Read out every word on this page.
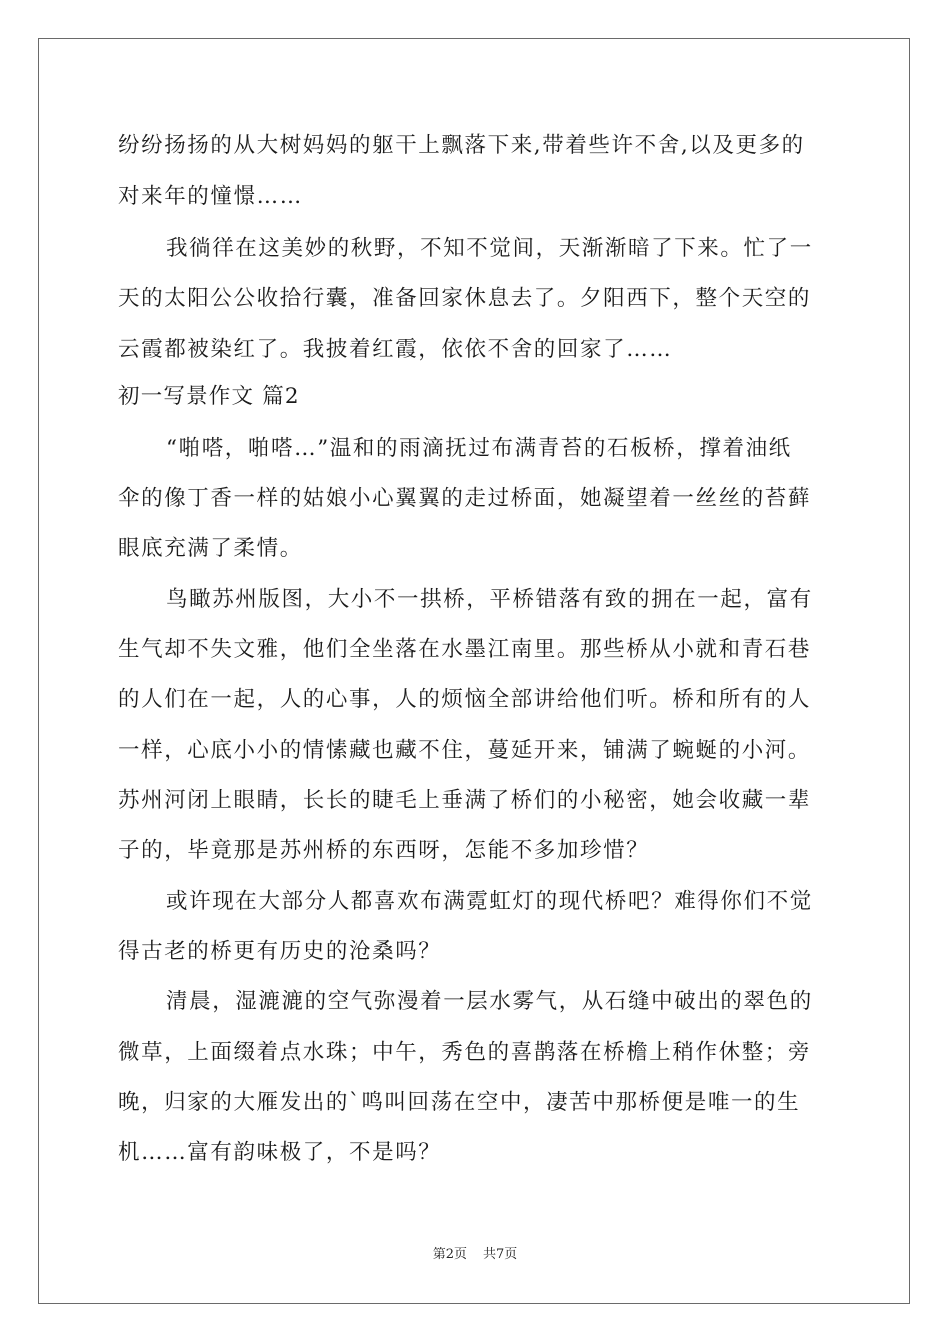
纷纷扬扬的从大树妈妈的躯干上飘落下来,带着些许不舍,以及更多的
对来年的憧憬……
我徜徉在这美妙的秋野，不知不觉间，天渐渐暗了下来。忙了一
天的太阳公公收拾行囊，准备回家休息去了。夕阳西下，整个天空的
云霞都被染红了。我披着红霞，依依不舍的回家了……
初一写景作文 篇2
“啪嗒，啪嗒…”温和的雨滴抚过布满青苔的石板桥，撑着油纸
伞的像丁香一样的姑娘小心翼翼的走过桥面，她凝望着一丝丝的苔藓
眼底充满了柔情。
鸟瞰苏州版图，大小不一拱桥，平桥错落有致的拥在一起，富有
生气却不失文雅，他们全坐落在水墨江南里。那些桥从小就和青石巷
的人们在一起，人的心事，人的烦恼全部讲给他们听。桥和所有的人
一样，心底小小的情愫藏也藏不住，蔓延开来，铺满了蜿蜒的小河。
苏州河闭上眼睛，长长的睫毛上垂满了桥们的小秘密，她会收藏一辈
子的，毕竟那是苏州桥的东西呀，怎能不多加珍惜？
或许现在大部分人都喜欢布满霓虹灯的现代桥吧？难得你们不觉
得古老的桥更有历史的沧桑吗？
清晨，湿漉漉的空气弥漫着一层水雾气，从石缝中破出的翠色的
微草，上面缀着点水珠；中午，秀色的喜鹊落在桥檐上稍作休整；旁
晚，归家的大雁发出的`鸣叫回荡在空中，凄苦中那桥便是唯一的生
机……富有韵味极了，不是吗？
第2页 共7页
